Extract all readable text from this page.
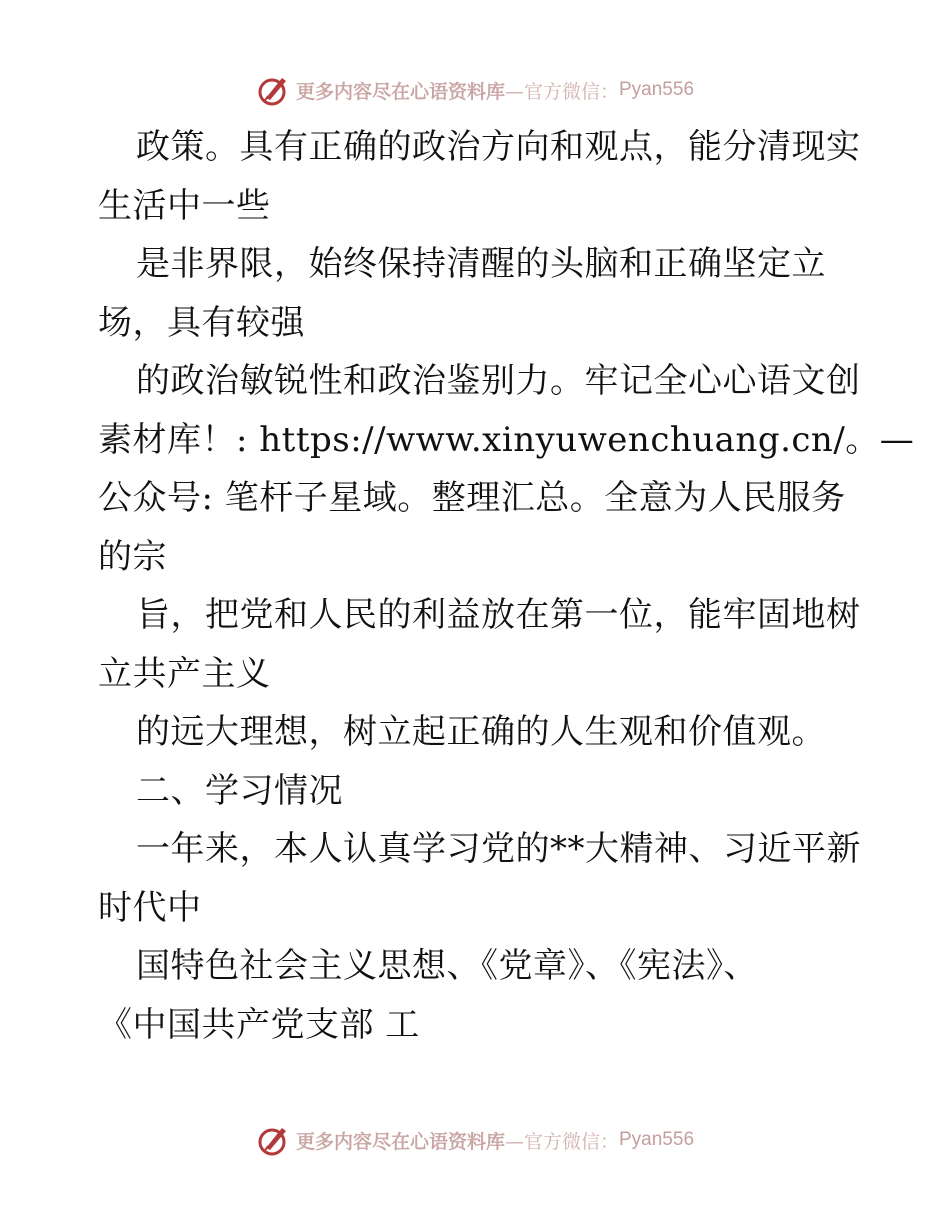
更多内容尽在心语资料库 —官方微信： Pyan556
政策。具有正确的政治方向和观点，能分清现实
生活中一些
是非界限，始终保持清醒的头脑和正确坚定立
场，具有较强
的政治敏锐性和政治鉴别力。牢记全心心语文创
素材库！: https://www.xinyuwenchuang.cn/。—
公众号: 笔杆子星域。整理汇总。全意为人民服务
的宗
旨，把党和人民的利益放在第一位，能牢固地树
立共产主义
的远大理想，树立起正确的人生观和价值观。
二、学习情况
一年来，本人认真学习党的**大精神、习近平新
时代中
国特色社会主义思想、《党章》、《宪法》、
《中国共产党支部 工
更多内容尽在心语资料库 —官方微信： Pyan556
